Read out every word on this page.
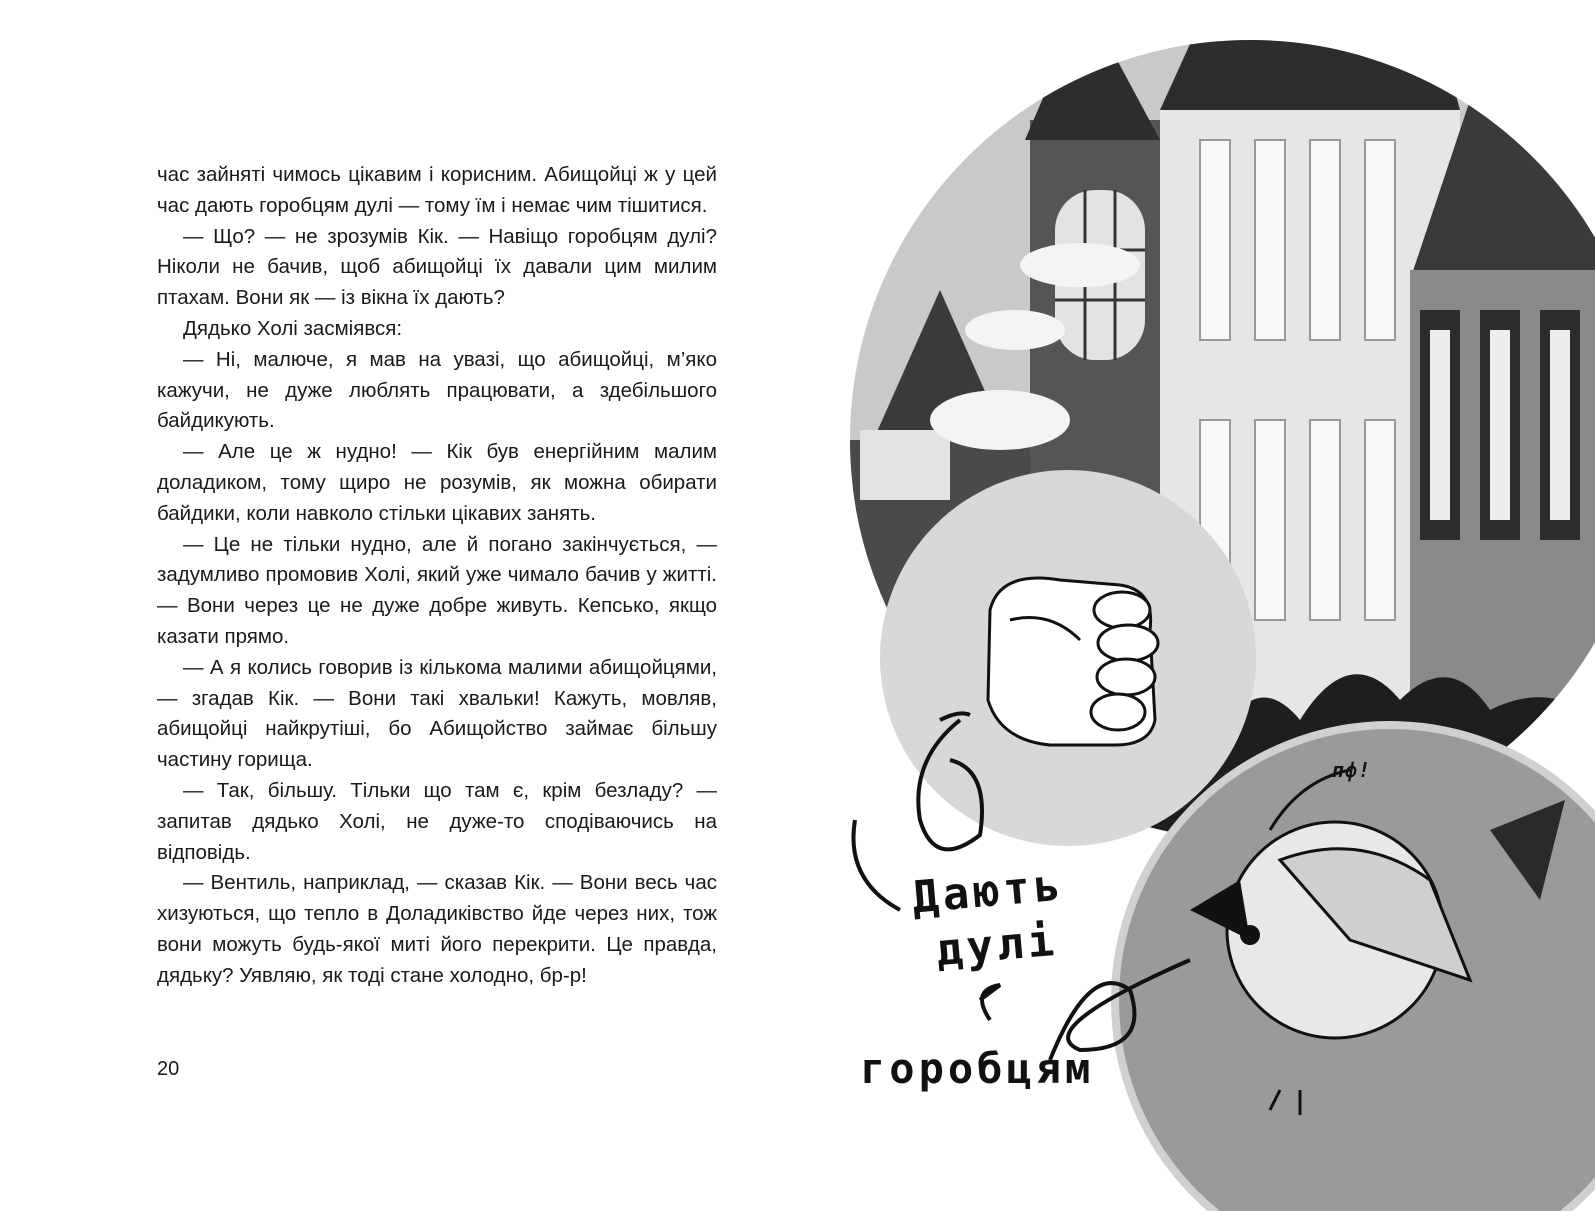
час зайняті чимось цікавим і корисним. Абищойці ж у цей час дають горобцям дулі — тому їм і немає чим тішитися.

— Що? — не зрозумів Кік. — Навіщо горобцям дулі? Ніколи не бачив, щоб абищойці їх давали цим милим птахам. Вони як — із вікна їх дають?

Дядько Холі засміявся:

— Ні, малюче, я мав на увазі, що абищойці, м’яко кажучи, не дуже люблять працювати, а здебільшого байдикують.

— Але це ж нудно! — Кік був енергійним малим доладиком, тому щиро не розумів, як можна обирати байдики, коли навколо стільки цікавих занять.

— Це не тільки нудно, але й погано закінчується, — задумливо промовив Холі, який уже чимало бачив у житті. — Вони через це не дуже добре живуть. Кепсько, якщо казати прямо.

— А я колись говорив із кількома малими абищойцями, — згадав Кік. — Вони такі хвальки! Кажуть, мовляв, абищойці найкрутіші, бо Абищойство займає більшу частину горища.

— Так, більшу. Тільки що там є, крім безладу? — запитав дядько Холі, не дуже-то сподіваючись на відповідь.

— Вентиль, наприклад, — сказав Кік. — Вони весь час хизуються, що тепло в Доладиківство йде через них, тож вони можуть будь-якої миті його перекрити. Це правда, дядьку? Уявляю, як тоді стане холодно, бр-р!

20
Дають
дулі
горобцям
пф!
